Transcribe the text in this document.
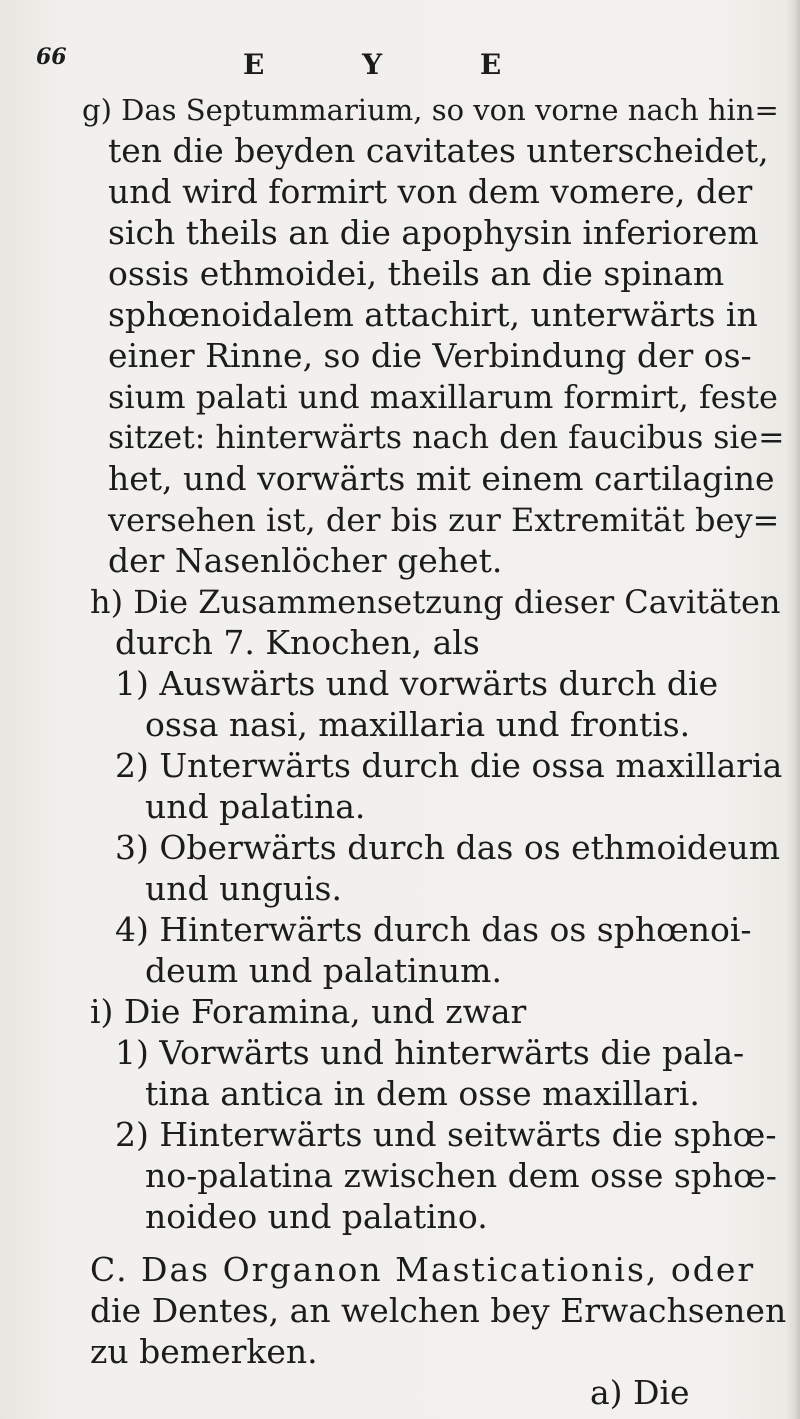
66	E Y E
g) Das Septummarium, so von vorne nach hin=
ten die beyden cavitates unterscheidet,
und wird formirt von dem vomere, der
sich theils an die apophysin inferiorem
ossis ethmoidei, theils an die spinam
sphœnoidalem attachirt, unterwärts in
einer Rinne, so die Verbindung der os-
sium palati und maxillarum formirt, feste
sitzet: hinterwärts nach den faucibus sie=
het, und vorwärts mit einem cartilagine
versehen ist, der bis zur Extremität bey=
der Nasenlöcher gehet.
h) Die Zusammensetzung dieser Cavitäten
durch 7. Knochen, als
1) Auswärts und vorwärts durch die
ossa nasi, maxillaria und frontis.
2) Unterwärts durch die ossa maxillaria
und palatina.
3) Oberwärts durch das os ethmoideum
und unguis.
4) Hinterwärts durch das os sphœnoi-
deum und palatinum.
i) Die Foramina, und zwar
1) Vorwärts und hinterwärts die pala-
tina antica in dem osse maxillari.
2) Hinterwärts und seitwärts die sphœ-
no-palatina zwischen dem osse sphœ-
noideo und palatino.
C. Das Organon Masticationis, oder
die Dentes, an welchen bey Erwachsenen
zu bemerken.
a) Die
